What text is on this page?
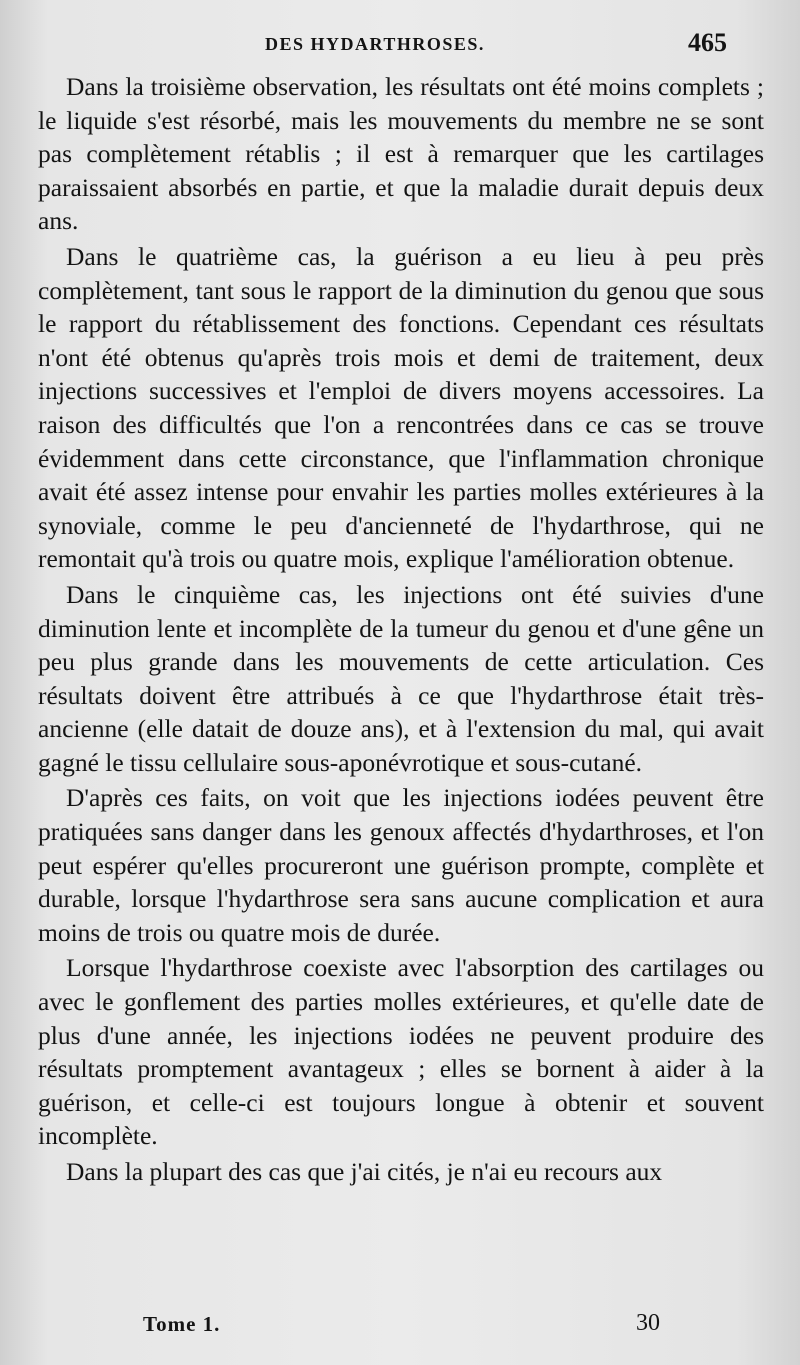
DES HYDARTHROSES.	465

Dans la troisième observation, les résultats ont été moins complets ; le liquide s'est résorbé, mais les mouvements du membre ne se sont pas complètement rétablis ; il est à remarquer que les cartilages paraissaient absorbés en partie, et que la maladie durait depuis deux ans.

Dans le quatrième cas, la guérison a eu lieu à peu près complètement, tant sous le rapport de la diminution du genou que sous le rapport du rétablissement des fonctions. Cependant ces résultats n'ont été obtenus qu'après trois mois et demi de traitement, deux injections successives et l'emploi de divers moyens accessoires. La raison des difficultés que l'on a rencontrées dans ce cas se trouve évidemment dans cette circonstance, que l'inflammation chronique avait été assez intense pour envahir les parties molles extérieures à la synoviale, comme le peu d'ancienneté de l'hydarthrose, qui ne remontait qu'à trois ou quatre mois, explique l'amélioration obtenue.

Dans le cinquième cas, les injections ont été suivies d'une diminution lente et incomplète de la tumeur du genou et d'une gêne un peu plus grande dans les mouvements de cette articulation. Ces résultats doivent être attribués à ce que l'hydarthrose était très-ancienne (elle datait de douze ans), et à l'extension du mal, qui avait gagné le tissu cellulaire sous-aponévrotique et sous-cutané.

D'après ces faits, on voit que les injections iodées peuvent être pratiquées sans danger dans les genoux affectés d'hydarthroses, et l'on peut espérer qu'elles procureront une guérison prompte, complète et durable, lorsque l'hydarthrose sera sans aucune complication et aura moins de trois ou quatre mois de durée.

Lorsque l'hydarthrose coexiste avec l'absorption des cartilages ou avec le gonflement des parties molles extérieures, et qu'elle date de plus d'une année, les injections iodées ne peuvent produire des résultats promptement avantageux ; elles se bornent à aider à la guérison, et celle-ci est toujours longue à obtenir et souvent incomplète.

Dans la plupart des cas que j'ai cités, je n'ai eu recours aux

Tome 1.	30
